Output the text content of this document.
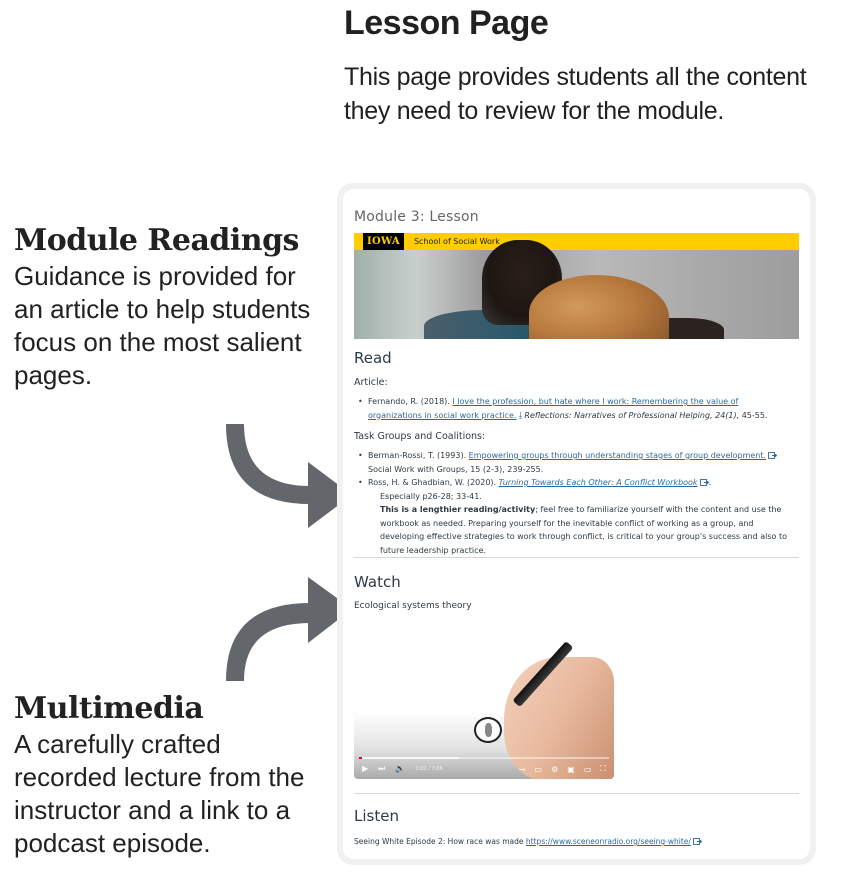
Lesson Page

This page provides students all the content they need to review for the module.

Module Readings

Guidance is provided for an article to help students focus on the most salient pages.

Multimedia

A carefully crafted recorded lecture from the instructor and a link to a podcast episode.

Module 3: Lesson
IOWA	School of Social Work
Read
Article:
• Fernando, R. (2018). I love the profession, but hate where I work: Remembering the value of organizations in social work practice. ⤓ Reflections: Narratives of Professional Helping, 24(1), 45-55.
Task Groups and Coalitions:
• Berman-Rossi, T. (1993). Empowering groups through understanding stages of group development. Social Work with Groups, 15 (2-3), 239-255.
• Ross, H. & Ghadbian, W. (2020). Turning Towards Each Other: A Conflict Workbook .
◦ Especially p26-28; 33-41.
◦ This is a lengthier reading/activity; feel free to familiarize yourself with the content and use the workbook as needed. Preparing yourself for the inevitable conflict of working as a group, and developing effective strategies to work through conflict, is critical to your group's success and also to future leadership practice.
Watch
Ecological systems theory
▶ ⏭ 🔈 0:02 / 7:06	⊸ ▭ ⚙ ▣ ▭ ⛶
Listen
Seeing White Episode 2: How race was made https://www.sceneonradio.org/seeing-white/
